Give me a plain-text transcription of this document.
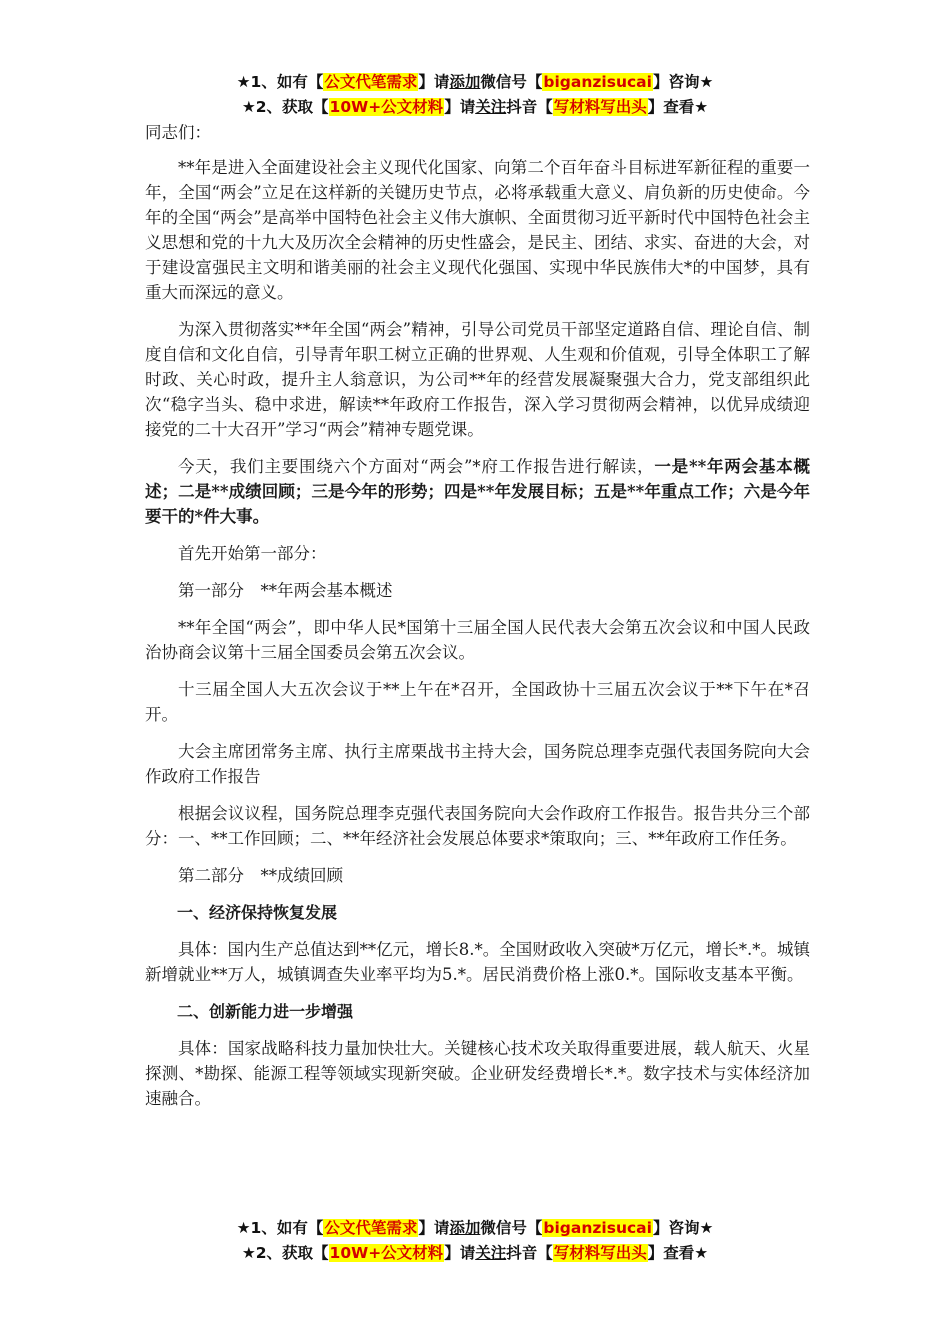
★1、如有【公文代笔需求】请添加微信号【biganzisucai】咨询★
★2、获取【10W+公文材料】请关注抖音【写材料写出头】查看★

同志们：

**年是进入全面建设社会主义现代化国家、向第二个百年奋斗目标进军新征程的重要一年，全国“两会”立足在这样新的关键历史节点，必将承载重大意义、肩负新的历史使命。今年的全国“两会”是高举中国特色社会主义伟大旗帜、全面贯彻习近平新时代中国特色社会主义思想和党的十九大及历次全会精神的历史性盛会，是民主、团结、求实、奋进的大会，对于建设富强民主文明和谐美丽的社会主义现代化强国、实现中华民族伟大*的中国梦，具有重大而深远的意义。

为深入贯彻落实**年全国“两会”精神，引导公司党员干部坚定道路自信、理论自信、制度自信和文化自信，引导青年职工树立正确的世界观、人生观和价值观，引导全体职工了解时政、关心时政，提升主人翁意识，为公司**年的经营发展凝聚强大合力，党支部组织此次“稳字当头、稳中求进，解读**年政府工作报告，深入学习贯彻两会精神，以优异成绩迎接党的二十大召开”学习“两会”精神专题党课。

今天，我们主要围绕六个方面对“两会”*府工作报告进行解读，一是**年两会基本概述；二是**成绩回顾；三是今年的形势；四是**年发展目标；五是**年重点工作；六是今年要干的*件大事。

首先开始第一部分：

第一部分　**年两会基本概述

**年全国“两会”，即中华人民*国第十三届全国人民代表大会第五次会议和中国人民政治协商会议第十三届全国委员会第五次会议。

十三届全国人大五次会议于**上午在*召开，全国政协十三届五次会议于**下午在*召开。

大会主席团常务主席、执行主席栗战书主持大会，国务院总理李克强代表国务院向大会作政府工作报告

根据会议议程，国务院总理李克强代表国务院向大会作政府工作报告。报告共分三个部分：一、**工作回顾；二、**年经济社会发展总体要求*策取向；三、**年政府工作任务。

第二部分　**成绩回顾

一、经济保持恢复发展

具体：国内生产总值达到**亿元，增长8.*。全国财政收入突破*万亿元，增长*.*。城镇新增就业**万人，城镇调查失业率平均为5.*。居民消费价格上涨0.*。国际收支基本平衡。

二、创新能力进一步增强

具体：国家战略科技力量加快壮大。关键核心技术攻关取得重要进展，载人航天、火星探测、*勘探、能源工程等领域实现新突破。企业研发经费增长*.*。数字技术与实体经济加速融合。

★1、如有【公文代笔需求】请添加微信号【biganzisucai】咨询★
★2、获取【10W+公文材料】请关注抖音【写材料写出头】查看★
